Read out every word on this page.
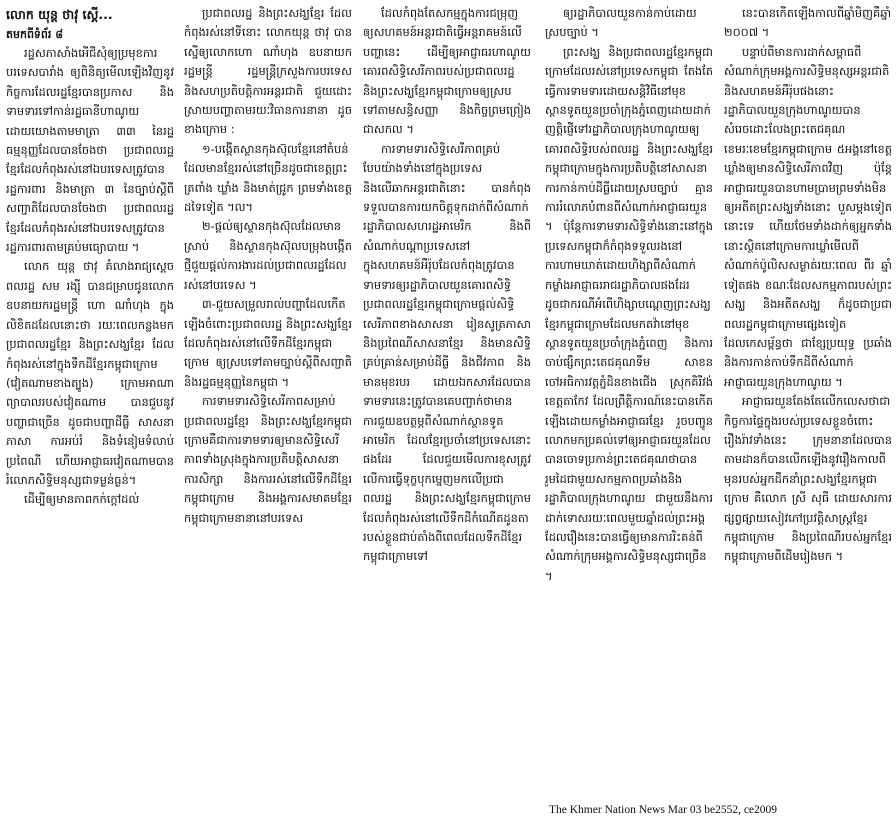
លោក យុន្ត ថាវុ ស្ដើ...
តមកពីទំព័រ ៨

រដ្ឋសភាសាំងអើជីសុំឲ្យប្រមុខការបរទេសបារាំង ឲ្យពិនិត្យមើលឡើងវិញនូវកិច្ចការដែលរដ្ឋខ្មែរបានប្រកាស និងទាមទារទៅកាន់រដ្ឋធានីហាណូយ ដោយយោងតាមមាត្រា ៣៣ នៃរដ្ឋធម្មនុញ្ញដែលបានចែងថា ប្រជាពលរដ្ឋខ្មែរដែលកំពុងរស់នៅឯបរទេសត្រូវបានរដ្ឋការពារ និងមាត្រា ៣ នៃច្បាប់ស្តីពីសញ្ជាតិដែលបានចែងថា ប្រជាពលរដ្ឋខ្មែរដែលកំពុងរស់នៅឯបរទេសត្រូវបានរដ្ឋការពារតាមគ្រប់មធ្យោបាយ ។

លោក យុន្ត ថាវុ គំលាងរាជ្យស្តេចពលរដ្ឋ សម រង្ស៊ី បានជម្រាបជូនលោកឧបនាយករដ្ឋមន្រ្តី ហោ ណាំហុង ក្នុងលិខិតដដែលនោះថា រយៈពេលកន្លងមកប្រជាពលរដ្ឋខ្មែរ និងព្រះសង្ឃខ្មែរ ដែលកំពុងរស់នៅក្នុងទឹកដីខ្មែរកម្ពុជាក្រោម (វៀតណាមខាងត្បូង) ក្រោមអាណាព្យាបាលរបស់វៀតណាម បានជួបនូវបញ្ហាជាច្រើន ដូចជាបញ្ហាដីធ្លី សាសនា ភាសា ការអប់រំ និងទំនៀមទំលាប់ ប្រពៃណី ហើយអាជ្ញាធរវៀតណាមបានរំលោភសិទ្ធិមនុស្សជាទម្ងន់ធ្ងន់។

ដើម្បីឲ្យមានភាពកក់ក្ដៅដល់

ប្រជាពលរដ្ឋ និងព្រះសង្ឃខ្មែរ ដែលកំពុងរស់នៅទីនោះ លោកយុន្ត ថាវុ បានស្នើឲ្យលោកហោ ណាំហុង ឧបនាយករដ្ឋមន្រ្តី រដ្ឋមន្រ្តីក្រសួងការបរទេស និងសហប្រតិបត្តិការអន្តរជាតិ ជួយដោះស្រាយបញ្ហាតាមរយៈវិធានការនានា ដូចខាងក្រោម :

១-បង្កើតស្ថានកុងស៊ុលខ្មែរនៅតំបន់ដែលមានខ្មែររស់នៅច្រើនដូចជាខេត្តព្រះត្រពាំង ឃ្លាំង និងមាត់ជ្រូក ព្រមទាំងខេត្តដទៃទៀត ។ល។

២-ផ្តល់ឲ្យស្ថានកុងស៊ុលដែលមានស្រាប់ និងស្ថានកុងស៊ុលបម្រុងបង្កើតថ្មីជួយផ្តល់ការងារដល់ប្រជាពលរដ្ឋដែលរស់នៅបរទេស ។

៣-ជួយសម្រួលរាល់បញ្ហាដែលកើតឡើងចំពោះប្រជាពលរដ្ឋ និងព្រះសង្ឃខ្មែរដែលកំពុងរស់នៅលើទឹកដីខ្មែរកម្ពុជាក្រោម ឲ្យស្របទៅតាមច្បាប់ស្តីពីសញ្ជាតិ និងរដ្ឋធម្មនុញ្ញនៃកម្ពុជា ។

ការទាមទារសិទ្ធិសេរីភាពសម្រាប់ប្រជាពលរដ្ឋខ្មែរ និងព្រះសង្ឃខ្មែរកម្ពុជាក្រោមគឺជាការទាមទារឲ្យមានសិទ្ធិសេរីភាពទាំងស្រុងក្នុងការប្រតិបត្តិសាសនា ការសិក្សា និងការរស់នៅលើទឹកដីខ្មែរកម្ពុជាក្រោម និងអង្គការសមាគមខ្មែរកម្ពុជាក្រោមនានានៅបរទេស

ដែលកំពុងតែសកម្មក្នុងការជម្រុញឲ្យសហគមន៍អន្តរជាតិធ្វើអន្តរាគមន៍លើបញ្ហានេះ ដើម្បីឲ្យអាជ្ញាធរហាណូយគោរពសិទ្ធិសេរីភាពរបស់ប្រជាពលរដ្ឋ និងព្រះសង្ឃខ្មែរកម្ពុជាក្រោមឲ្យស្របទៅតាមសន្ធិសញ្ញា និងកិច្ចព្រមព្រៀងជាសកល ។

ការទាមទារសិទ្ធិសេរីភាពគ្រប់បែបយ៉ាងទាំងនៅក្នុងប្រទេស និងលើឆាកអន្តរជាតិនោះ បានកំពុងទទួលបានការយកចិត្តទុកដាក់ពីសំណាក់រដ្ឋាភិបាលសហរដ្ឋអាមេរិក និងពីសំណាក់បណ្តាប្រទេសនៅក្នុងសហគមន៍អឺរ៉ុបដែលកំពុងត្រូវបានទាមទារឲ្យរដ្ឋាភិបាលយួនគោរពសិទ្ធិប្រជាពលរដ្ឋខ្មែរកម្ពុជាក្រោមផ្តល់សិទ្ធិសេរីភាពខាងសាសនា រៀនសូត្រភាសា និងប្រពៃណីសាសនាខ្មែរ និងមានសិទ្ធិគ្រប់គ្រាន់សម្រាប់ដីធ្លី និងជីវភាព និងមានមុខរបរ ដោយឯកសារដែលបានទាមទារនេះត្រូវបានគេបញ្ជាក់ថាមានការជួយឧបត្ថម្ភពីសំណាក់ស្ថានទូតអាមេរិក ដែលខ្មែរប្រចាំនៅប្រទេសនោះផងដែរ ដែលជួយមើលការខុសត្រូវលើការធ្វើទុក្ខបុកម្នេញមកលើប្រជាពលរដ្ឋ និងព្រះសង្ឃខ្មែរកម្ពុជាក្រោម ដែលកំពុងរស់នៅលើទឹកដីកំណើតដូនតារបស់ខ្លួនជាប់តាំងពីពេលដែលទឹកដីខ្មែរកម្ពុជាក្រោមទៅ

ឲ្យរដ្ឋាភិបាលយួនកាន់កាប់ដោយស្របច្បាប់ ។

ព្រះសង្ឃ និងប្រជាពលរដ្ឋខ្មែរកម្ពុជាក្រោមដែលរស់នៅប្រទេសកម្ពុជា តែងតែធ្វើការទាមទារដោយសន្តិវិធីនៅមុខស្ថានទូតយួនប្រចាំក្រុងភ្នំពេញដោយដាក់ញត្តិផ្ញើទៅរដ្ឋាភិបាលក្រុងហាណូយឲ្យគោរពសិទ្ធិរបស់ពលរដ្ឋ និងព្រះសង្ឃខ្មែរកម្ពុជាក្រោមក្នុងការប្រតិបត្តិនៅសាសនា ការកាន់កាប់ដីធ្លីដោយស្របច្បាប់ គ្មានការរំលោភបំពានពីសំណាក់អាជ្ញាធរយួន ។ ប៉ុន្តែការទាមទារសិទ្ធិទាំងនោះនៅក្នុងប្រទេសកម្ពុជាក៏កំពុងទទួលរងនៅការហាមឃាត់ដោយហិង្សាពីសំណាក់កម្លាំងអាជ្ញាធររាជរដ្ឋាភិបាលផងដែរ ដូចជាករណីអំពើហិង្សាបណ្តេញព្រះសង្ឃខ្មែរកម្ពុជាក្រោមដែលមកតវ៉ានៅមុខស្ថានទូតយួនប្រចាំក្រុងភ្នំពេញ និងការចាប់ផ្សឹកព្រះតេជគុណទឹម សាខន ចៅអធិការវត្តភ្នំដិនខាងជើង ស្រុកគិរីវង់ ខេត្តតាកែវ ដែលព្រឹត្តិការណ៍នេះបានកើតឡើងដោយកម្លាំងអាជ្ញាធរខ្មែរ រួចបញ្ជូនលោកមកប្រគល់ទៅឲ្យអាជ្ញាធរយួនដែលបានចោទប្រកាន់ព្រះតេជគុណថាបានរួមដៃជាមួយសកម្មភាពប្រឆាំងនិងរដ្ឋាភិបាលក្រុងហាណូយ ជាមួយនឹងការដាក់ទោសរយៈពេលមួយឆ្នាំដល់ព្រះអង្គ ដែលរឿងនេះបានធ្វើឲ្យមានការរិះគន់ពីសំណាក់ក្រុមអង្គការសិទ្ធិមនុស្សជាច្រើន ។

នេះបានកើតឡើងកាលពីឆ្នាំមិញគឺឆ្នាំ ២០០៧ ។

បន្ទាប់ពីមានការដាក់សម្ពាធពីសំណាក់ក្រុមអង្គការសិទ្ធិមនុស្សអន្តរជាតិ និងសហគមន៍អឺរ៉ុបផងនោះ រដ្ឋាភិបាលយួនក្រុងហាណូយបានសំរេចដោះលែងព្រះតេជគុណ ខេមរៈខេមខ្មែរកម្ពុជាក្រោម ៥អង្គនៅខេត្តឃ្លាំងឲ្យមានសិទ្ធិសេរីភាពវិញ ប៉ុន្តែអាជ្ញាធរយួនបានហាមប្រាមព្រមទាំងមិនឲ្យអតីតព្រះសង្ឃទាំងនោះ បួសម្តងទៀតនោះទេ ហើយថែមទាំងដាក់ឲ្យអ្នកទាំងនោះស្ថិតនៅក្រោមការឃ្លាំមើលពីសំណាក់ប៉ូលិសសម្ងាត់រយៈពេល ពីរ ឆ្នាំទៀតផង ខណៈដែលសកម្មភាពរបស់ព្រះសង្ឃ និងអតីតសង្ឃ ក៏ដូចជាប្រជាពលរដ្ឋកម្ពុជាក្រោមផ្សេងទៀតដែលកេសម្ព័ន្ធថា ជាខ្សែប្រយុទ្ធ ប្រឆាំងនិងការកាន់កាប់ទឹកដីពីសំណាក់អាជ្ញាធរយួនក្រុងហាណូយ ។

អាជ្ញាធរយួនតែងតែលើកលេសថាជាកិច្ចការផ្ទៃក្នុងរបស់ប្រទេសខ្លួនចំពោះរឿងរ៉ាវទាំងនេះ ក្រុមនានាដែលបានតាមដានក៏បានលើកឡើងនូវរឿងកាលពីមុនរបស់អ្នកដឹកនាំព្រះសង្ឃខ្មែរកម្ពុជាក្រោម គឺលោក ស្រី សុធី ដោយសារការផ្សព្វផ្សាយសៀវភៅប្រវត្តិសាស្ត្រខ្មែរកម្ពុជាក្រោម និងប្រពៃណីរបស់អ្នកខ្មែរកម្ពុជាក្រោមពីដើមរៀងមក ។

The Khmer Nation News Mar 03 be2552, ce2009
